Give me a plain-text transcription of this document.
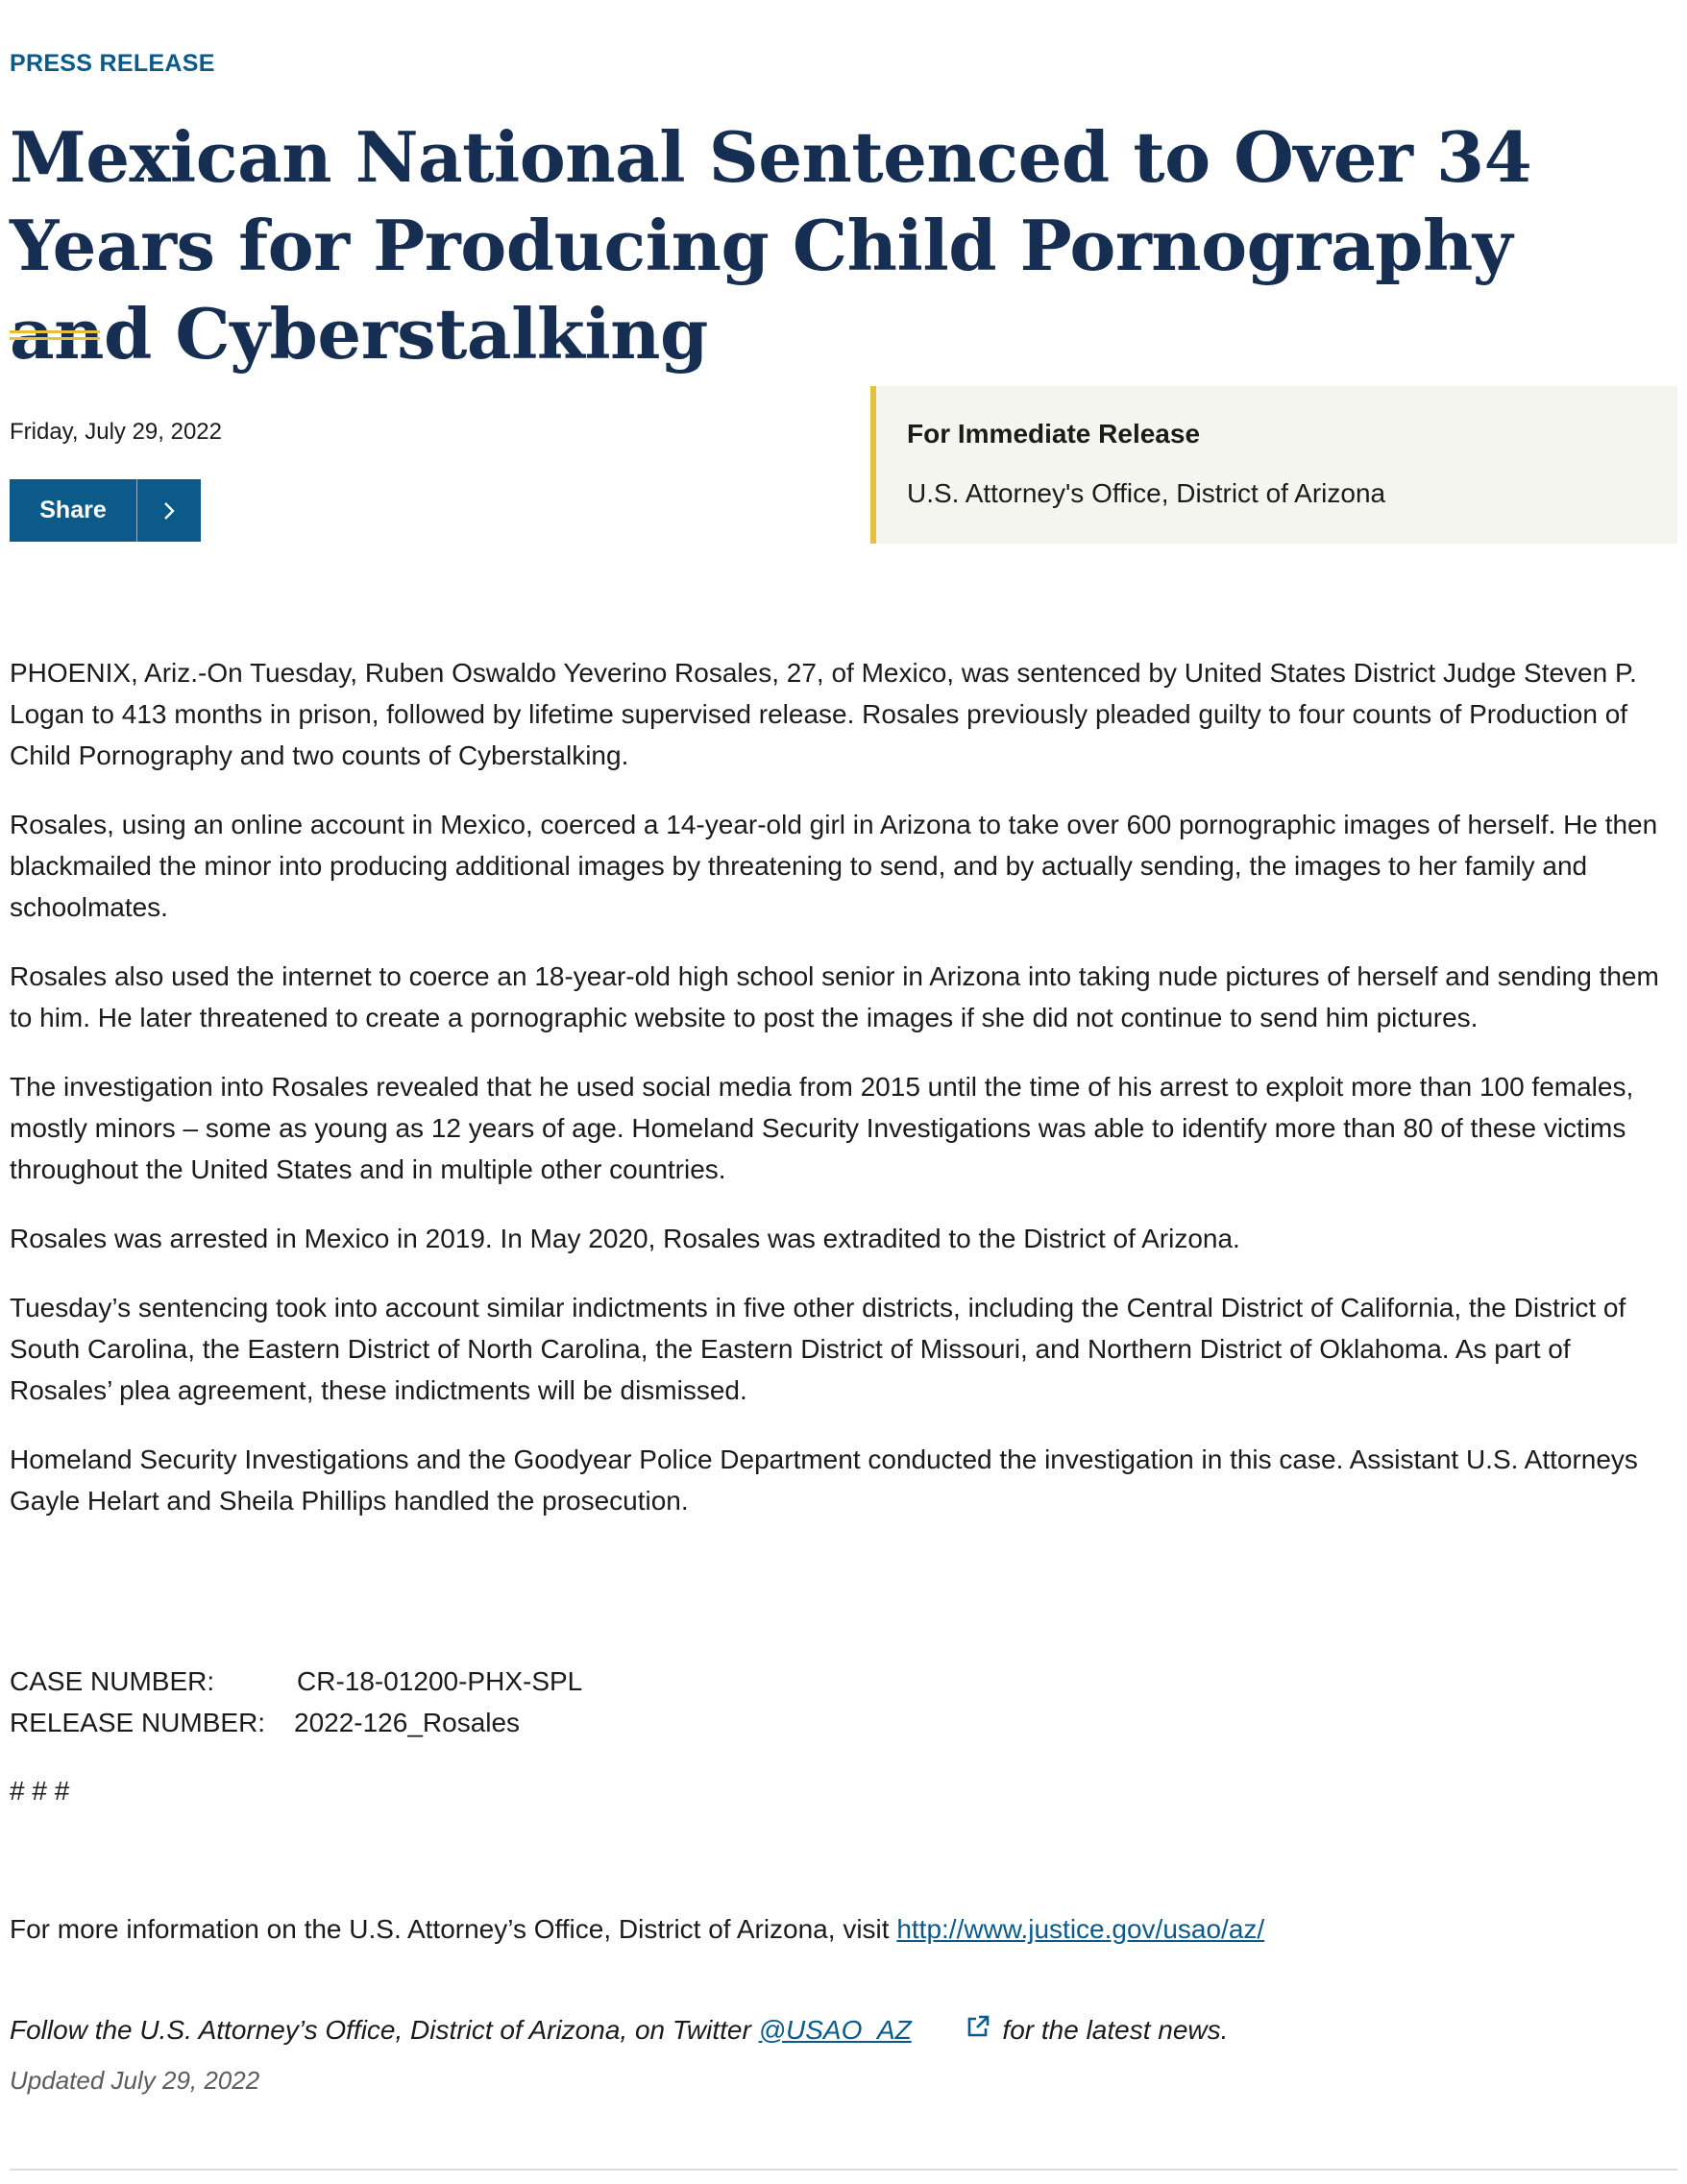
PRESS RELEASE
Mexican National Sentenced to Over 34 Years for Producing Child Pornography and Cyberstalking
Friday, July 29, 2022
Share
For Immediate Release
U.S. Attorney's Office, District of Arizona

PHOENIX, Ariz.-On Tuesday, Ruben Oswaldo Yeverino Rosales, 27, of Mexico, was sentenced by United States District Judge Steven P. Logan to 413 months in prison, followed by lifetime supervised release. Rosales previously pleaded guilty to four counts of Production of Child Pornography and two counts of Cyberstalking.

Rosales, using an online account in Mexico, coerced a 14-year-old girl in Arizona to take over 600 pornographic images of herself. He then blackmailed the minor into producing additional images by threatening to send, and by actually sending, the images to her family and schoolmates.

Rosales also used the internet to coerce an 18-year-old high school senior in Arizona into taking nude pictures of herself and sending them to him. He later threatened to create a pornographic website to post the images if she did not continue to send him pictures.

The investigation into Rosales revealed that he used social media from 2015 until the time of his arrest to exploit more than 100 females, mostly minors – some as young as 12 years of age. Homeland Security Investigations was able to identify more than 80 of these victims throughout the United States and in multiple other countries.

Rosales was arrested in Mexico in 2019. In May 2020, Rosales was extradited to the District of Arizona.

Tuesday’s sentencing took into account similar indictments in five other districts, including the Central District of California, the District of South Carolina, the Eastern District of North Carolina, the Eastern District of Missouri, and Northern District of Oklahoma. As part of Rosales’ plea agreement, these indictments will be dismissed.

Homeland Security Investigations and the Goodyear Police Department conducted the investigation in this case. Assistant U.S. Attorneys Gayle Helart and Sheila Phillips handled the prosecution.

CASE NUMBER:	CR-18-01200-PHX-SPL
RELEASE NUMBER:	2022-126_Rosales
# # #
For more information on the U.S. Attorney’s Office, District of Arizona, visit http://www.justice.gov/usao/az/
Follow the U.S. Attorney’s Office, District of Arizona, on Twitter @USAO_AZ

	for the latest news.
Updated July 29, 2022
